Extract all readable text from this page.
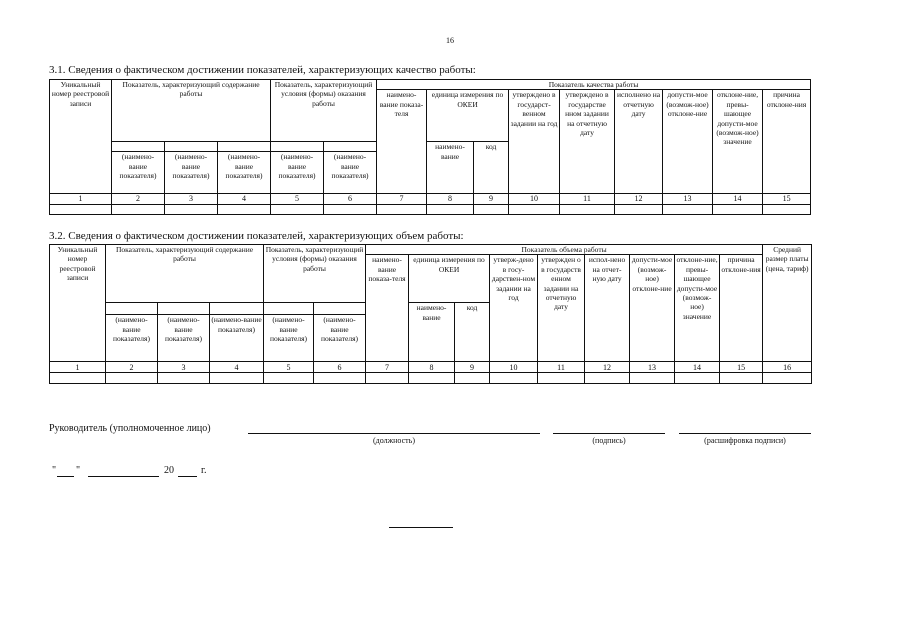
16
3.1. Сведения о фактическом достижении показателей, характеризующих качество работы:
Уникальный номер реестровой записи	Показатель, характеризующий содержание работы			Показатель, характеризующий условия (формы) оказания работы		Показатель качества работы								
						наимено-вание показа-теля	единица измерения по ОКЕИ		утверждено в государст-венном задании на год	утверждено в государстве нном задании на отчетную дату	исполнено на отчетную дату	допусти-мое (возмож-ное) отклоне-ние	отклоне-ние, превы-шающее допусти-мое (возмож-ное) значение	причина отклоне-ния
							наимено-вание	код						
	(наимено-вание показателя)	(наимено-вание показателя)	(наимено-вание показателя)	(наимено-вание показателя)	(наимено-вание показателя)									
1	2	3	4	5	6	7	8	9	10	11	12	13	14	15

3.2. Сведения о фактическом достижении показателей, характеризующих объем работы:
Уникальный номер реестровой записи	Показатель, характеризующий содержание работы			Показатель, характеризующий условия (формы) оказания работы		Показатель объема работы									Средний размер платы (цена, тариф)
						наимено-вание показа-теля	единица измерения по ОКЕИ		утверж-дено в госу-дарствен-ном задании на год	утвержден о в государств енном задании на отчетную дату	испол-нено на отчет-ную дату	допусти-мое (возмож-ное) отклоне-ние	отклоне-ние, превы-шающее допусти-мое (возмож-ное) значение	причина отклоне-ния	
							наимено-вание	код							
	(наимено-вание показателя)	(наимено-вание показателя)	(наимено-вание показателя)	(наимено-вание показателя)	(наимено-вание показателя)										
1	2	3	4	5	6	7	8	9	10	11	12	13	14	15	16

Руководитель (уполномоченное лицо)
(должность)	(подпись)	(расшифровка подписи)
" "	20	г.
